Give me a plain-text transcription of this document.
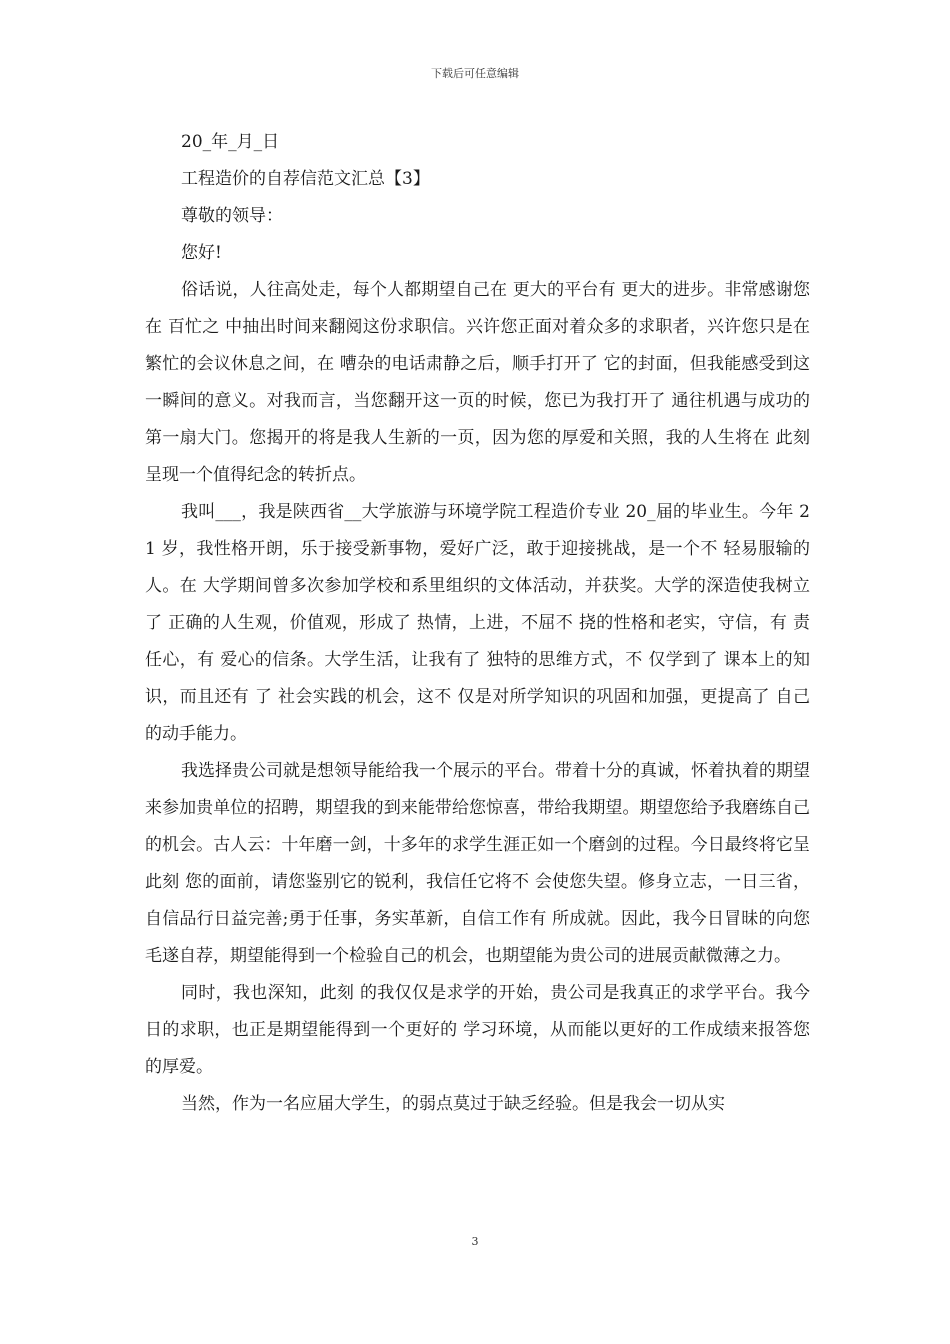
下载后可任意编辑

20_年_月_日

工程造价的自荐信范文汇总【3】

尊敬的领导：

您好!

俗话说，人往高处走，每个人都期望自己在 更大的平台有 更大的进步。非常感谢您在 百忙之 中抽出时间来翻阅这份求职信。兴许您正面对着众多的求职者，兴许您只是在 繁忙的会议休息之间，在 嘈杂的电话肃静之后，顺手打开了 它的封面，但我能感受到这一瞬间的意义。对我而言，当您翻开这一页的时候，您已为我打开了 通往机遇与成功的第一扇大门。您揭开的将是我人生新的一页，因为您的厚爱和关照，我的人生将在 此刻呈现一个值得纪念的转折点。

我叫___，我是陕西省__大学旅游与环境学院工程造价专业 20_届的毕业生。今年 21 岁，我性格开朗，乐于接受新事物，爱好广泛，敢于迎接挑战，是一个不 轻易服输的人。在 大学期间曾多次参加学校和系里组织的文体活动，并获奖。大学的深造使我树立了 正确的人生观，价值观，形成了 热情，上进，不屈不 挠的性格和老实，守信，有 责任心，有 爱心的信条。大学生活，让我有了 独特的思维方式，不 仅学到了 课本上的知识，而且还有 了 社会实践的机会，这不 仅是对所学知识的巩固和加强，更提高了 自己的动手能力。

我选择贵公司就是想领导能给我一个展示的平台。带着十分的真诚，怀着执着的期望来参加贵单位的招聘，期望我的到来能带给您惊喜，带给我期望。期望您给予我磨练自己的机会。古人云：十年磨一剑，十多年的求学生涯正如一个磨剑的过程。今日最终将它呈此刻 您的面前，请您鉴别它的锐利，我信任它将不 会使您失望。修身立志，一日三省，自信品行日益完善;勇于任事，务实革新，自信工作有 所成就。因此，我今日冒昧的向您毛遂自荐，期望能得到一个检验自己的机会，也期望能为贵公司的进展贡献微薄之力。

同时，我也深知，此刻 的我仅仅是求学的开始，贵公司是我真正的求学平台。我今日的求职，也正是期望能得到一个更好的 学习环境，从而能以更好的工作成绩来报答您的厚爱。

当然，作为一名应届大学生，的弱点莫过于缺乏经验。但是我会一切从实

3
